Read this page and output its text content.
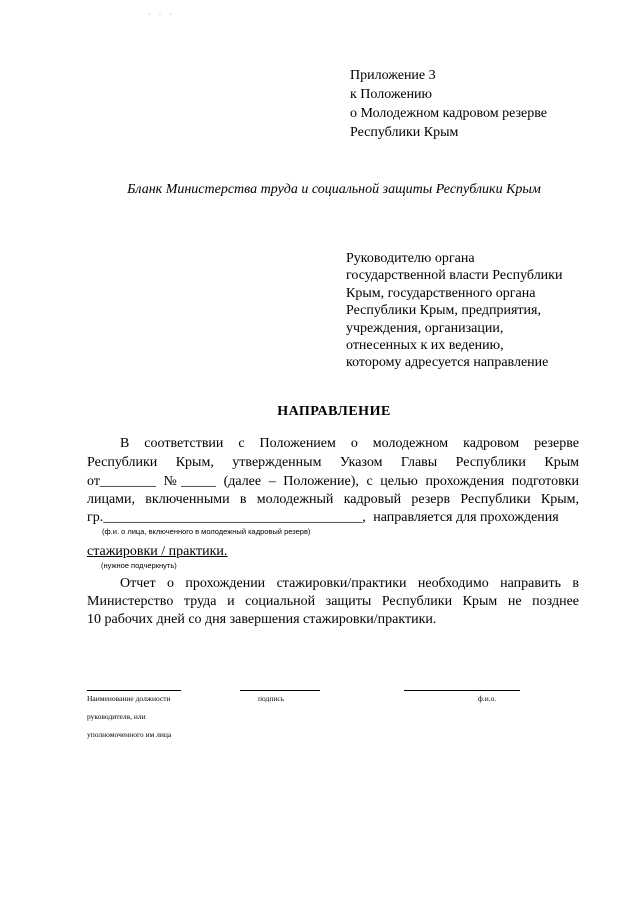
· · ·
Приложение 3
к Положению
о Молодежном кадровом резерве
Республики Крым
Бланк Министерства труда и социальной защиты Республики Крым
Руководителю органа
государственной власти Республики
Крым, государственного органа
Республики Крым, предприятия,
учреждения, организации,
отнесенных к их ведению,
которому адресуется направление
НАПРАВЛЕНИЕ
В соответствии с Положением о молодежном кадровом резерве
Республики Крым, утвержденным Указом Главы Республики Крым
от________ №_____ (далее – Положение), с целью прохождения подготовки
лицами, включенными в молодежный кадровый резерв Республики Крым,
гр._____________________________________, направляется для прохождения
(ф.и. о лица, включенного в молодежный кадровый резерв)
стажировки / практики.
(нужное подчеркнуть)
Отчет о прохождении стажировки/практики необходимо направить в
Министерство труда и социальной защиты Республики Крым не позднее
10 рабочих дней со дня завершения стажировки/практики.
Наименование должности	подпись	ф.и.о.
руководителя, или
уполномоченного им лица
